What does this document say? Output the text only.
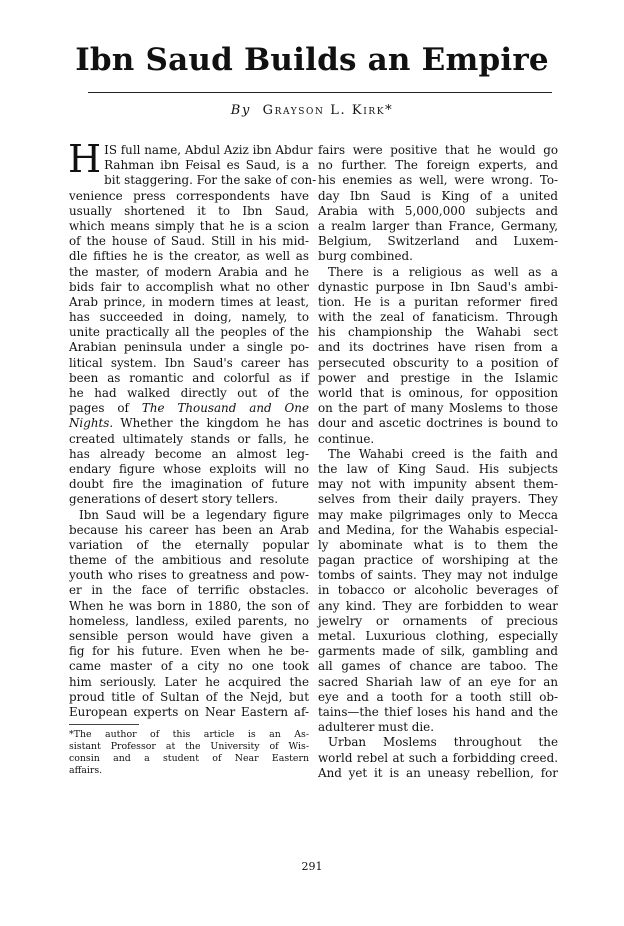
Ibn Saud Builds an Empire
By Grayson L. Kirk*
H IS full name, Abdul Aziz ibn Abdur
Rahman ibn Feisal es Saud, is a
bit staggering. For the sake of con-
venience press correspondents have
usually shortened it to Ibn Saud,
which means simply that he is a scion
of the house of Saud. Still in his mid-
dle fifties he is the creator, as well as
the master, of modern Arabia and he
bids fair to accomplish what no other
Arab prince, in modern times at least,
has succeeded in doing, namely, to
unite practically all the peoples of the
Arabian peninsula under a single po-
litical system. Ibn Saud's career has
been as romantic and colorful as if
he had walked directly out of the
pages of The Thousand and One
Nights. Whether the kingdom he has
created ultimately stands or falls, he
has already become an almost leg-
endary figure whose exploits will no
doubt fire the imagination of future
generations of desert story tellers.
Ibn Saud will be a legendary figure
because his career has been an Arab
variation of the eternally popular
theme of the ambitious and resolute
youth who rises to greatness and pow-
er in the face of terrific obstacles.
When he was born in 1880, the son of
homeless, landless, exiled parents, no
sensible person would have given a
fig for his future. Even when he be-
came master of a city no one took
him seriously. Later he acquired the
proud title of Sultan of the Nejd, but
European experts on Near Eastern af-
*The author of this article is an As-
sistant Professor at the University of Wis-
consin and a student of Near Eastern
affairs.
fairs were positive that he would go
no further. The foreign experts, and
his enemies as well, were wrong. To-
day Ibn Saud is King of a united
Arabia with 5,000,000 subjects and
a realm larger than France, Germany,
Belgium, Switzerland and Luxem-
burg combined.
There is a religious as well as a
dynastic purpose in Ibn Saud's ambi-
tion. He is a puritan reformer fired
with the zeal of fanaticism. Through
his championship the Wahabi sect
and its doctrines have risen from a
persecuted obscurity to a position of
power and prestige in the Islamic
world that is ominous, for opposition
on the part of many Moslems to those
dour and ascetic doctrines is bound to
continue.
The Wahabi creed is the faith and
the law of King Saud. His subjects
may not with impunity absent them-
selves from their daily prayers. They
may make pilgrimages only to Mecca
and Medina, for the Wahabis especial-
ly abominate what is to them the
pagan practice of worshiping at the
tombs of saints. They may not indulge
in tobacco or alcoholic beverages of
any kind. They are forbidden to wear
jewelry or ornaments of precious
metal. Luxurious clothing, especially
garments made of silk, gambling and
all games of chance are taboo. The
sacred Shariah law of an eye for an
eye and a tooth for a tooth still ob-
tains—the thief loses his hand and the
adulterer must die.
Urban Moslems throughout the
world rebel at such a forbidding creed.
And yet it is an uneasy rebellion, for
291
